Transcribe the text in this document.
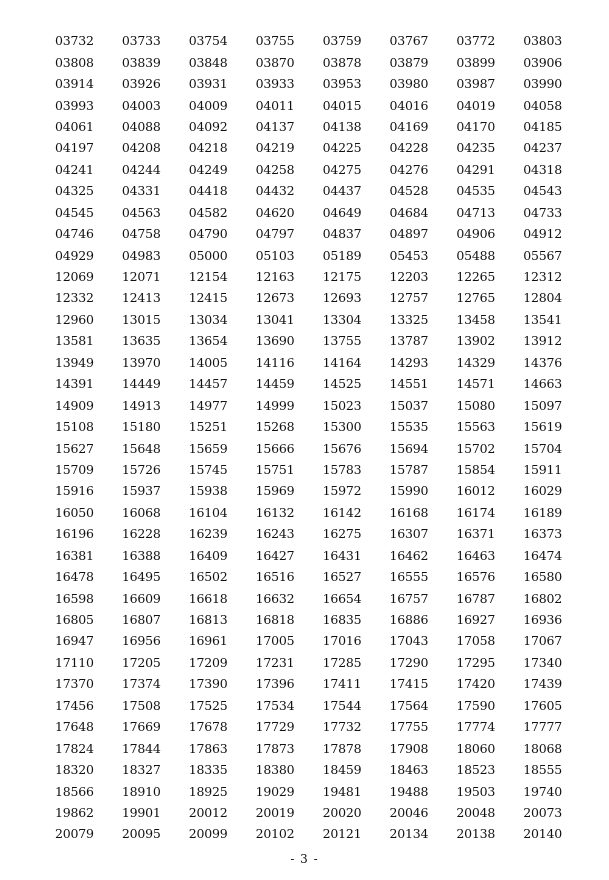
03732	03733	03754	03755	03759	03767	03772	03803
03808	03839	03848	03870	03878	03879	03899	03906
03914	03926	03931	03933	03953	03980	03987	03990
03993	04003	04009	04011	04015	04016	04019	04058
04061	04088	04092	04137	04138	04169	04170	04185
04197	04208	04218	04219	04225	04228	04235	04237
04241	04244	04249	04258	04275	04276	04291	04318
04325	04331	04418	04432	04437	04528	04535	04543
04545	04563	04582	04620	04649	04684	04713	04733
04746	04758	04790	04797	04837	04897	04906	04912
04929	04983	05000	05103	05189	05453	05488	05567
12069	12071	12154	12163	12175	12203	12265	12312
12332	12413	12415	12673	12693	12757	12765	12804
12960	13015	13034	13041	13304	13325	13458	13541
13581	13635	13654	13690	13755	13787	13902	13912
13949	13970	14005	14116	14164	14293	14329	14376
14391	14449	14457	14459	14525	14551	14571	14663
14909	14913	14977	14999	15023	15037	15080	15097
15108	15180	15251	15268	15300	15535	15563	15619
15627	15648	15659	15666	15676	15694	15702	15704
15709	15726	15745	15751	15783	15787	15854	15911
15916	15937	15938	15969	15972	15990	16012	16029
16050	16068	16104	16132	16142	16168	16174	16189
16196	16228	16239	16243	16275	16307	16371	16373
16381	16388	16409	16427	16431	16462	16463	16474
16478	16495	16502	16516	16527	16555	16576	16580
16598	16609	16618	16632	16654	16757	16787	16802
16805	16807	16813	16818	16835	16886	16927	16936
16947	16956	16961	17005	17016	17043	17058	17067
17110	17205	17209	17231	17285	17290	17295	17340
17370	17374	17390	17396	17411	17415	17420	17439
17456	17508	17525	17534	17544	17564	17590	17605
17648	17669	17678	17729	17732	17755	17774	17777
17824	17844	17863	17873	17878	17908	18060	18068
18320	18327	18335	18380	18459	18463	18523	18555
18566	18910	18925	19029	19481	19488	19503	19740
19862	19901	20012	20019	20020	20046	20048	20073
20079	20095	20099	20102	20121	20134	20138	20140
- 3 -
